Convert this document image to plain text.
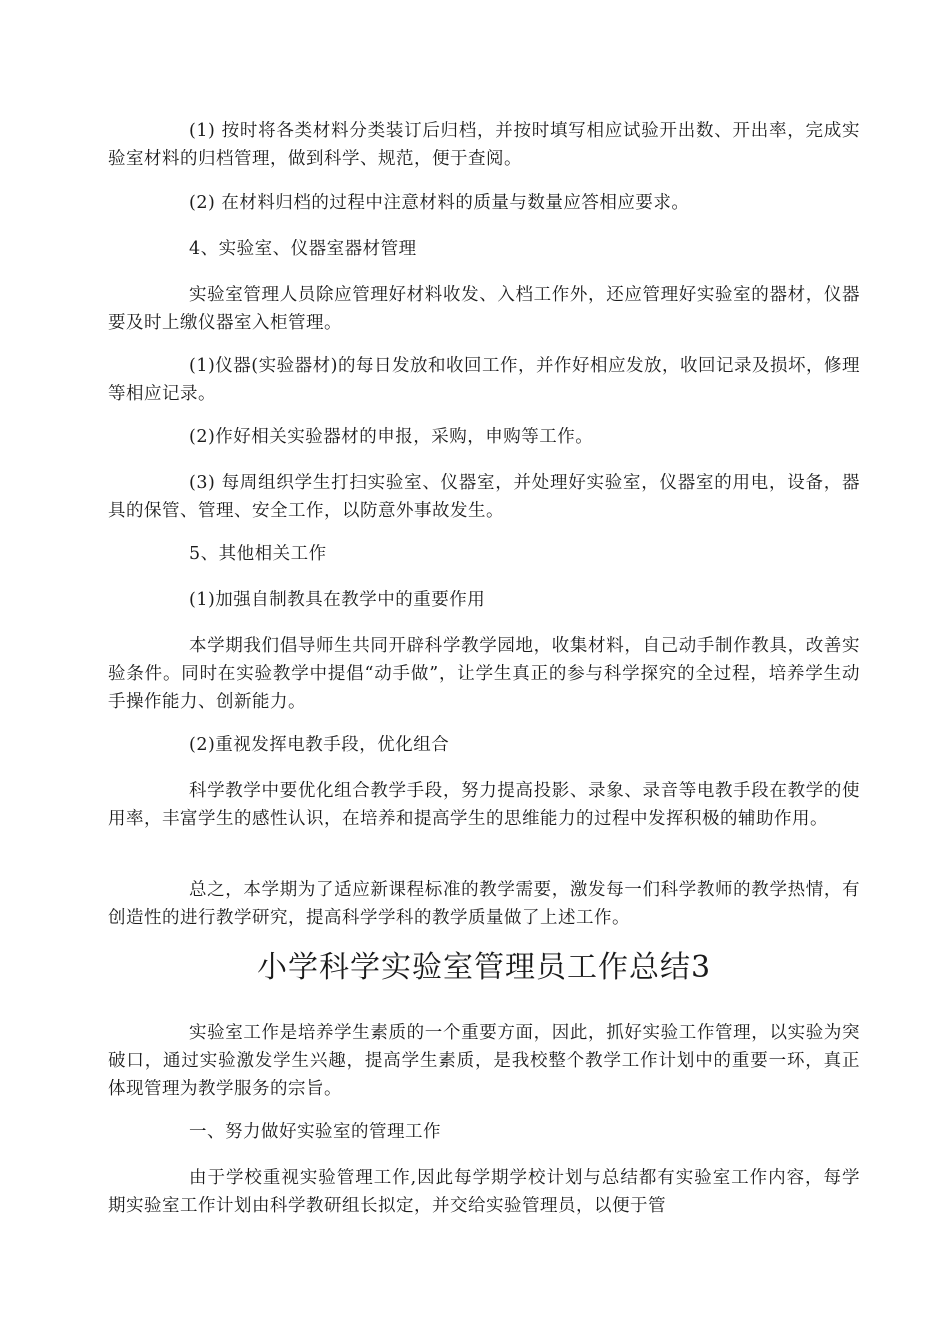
(1) 按时将各类材料分类装订后归档，并按时填写相应试验开出数、开出率，完成实验室材料的归档管理，做到科学、规范，便于查阅。

(2) 在材料归档的过程中注意材料的质量与数量应答相应要求。

4、实验室、仪器室器材管理

实验室管理人员除应管理好材料收发、入档工作外，还应管理好实验室的器材，仪器要及时上缴仪器室入柜管理。

(1)仪器(实验器材)的每日发放和收回工作，并作好相应发放，收回记录及损坏，修理等相应记录。

(2)作好相关实验器材的申报，采购，申购等工作。

(3) 每周组织学生打扫实验室、仪器室，并处理好实验室，仪器室的用电，设备，器具的保管、管理、安全工作，以防意外事故发生。

5、其他相关工作

(1)加强自制教具在教学中的重要作用

本学期我们倡导师生共同开辟科学教学园地，收集材料，自己动手制作教具，改善实验条件。同时在实验教学中提倡“动手做”，让学生真正的参与科学探究的全过程，培养学生动手操作能力、创新能力。

(2)重视发挥电教手段，优化组合

科学教学中要优化组合教学手段，努力提高投影、录象、录音等电教手段在教学的使用率，丰富学生的感性认识，在培养和提高学生的思维能力的过程中发挥积极的辅助作用。

总之，本学期为了适应新课程标准的教学需要，激发每一们科学教师的教学热情，有创造性的进行教学研究，提高科学学科的教学质量做了上述工作。

小学科学实验室管理员工作总结3

实验室工作是培养学生素质的一个重要方面，因此，抓好实验工作管理，以实验为突破口，通过实验激发学生兴趣，提高学生素质，是我校整个教学工作计划中的重要一环，真正体现管理为教学服务的宗旨。

一、努力做好实验室的管理工作

由于学校重视实验管理工作,因此每学期学校计划与总结都有实验室工作内容，每学期实验室工作计划由科学教研组长拟定，并交给实验管理员，以便于管
